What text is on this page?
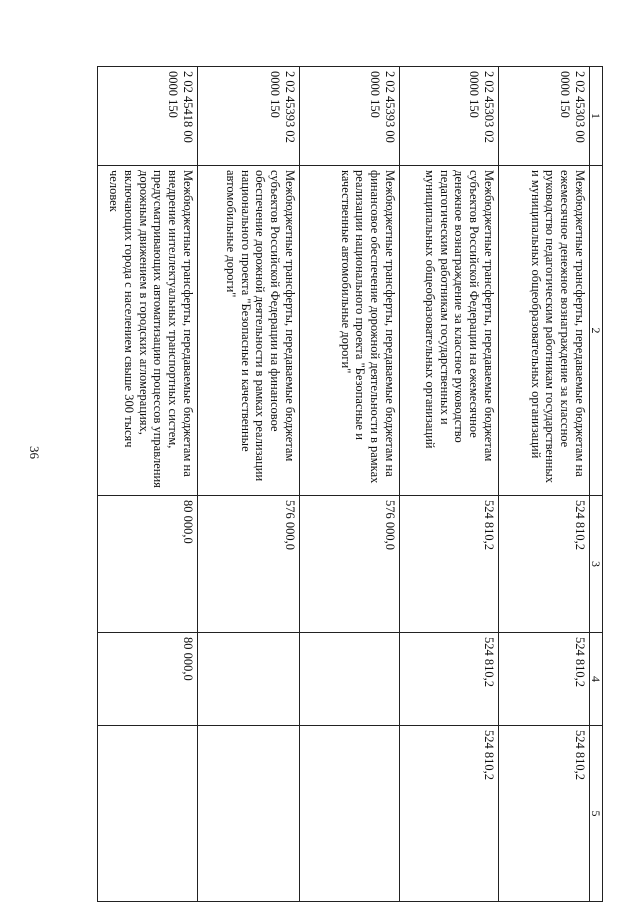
36
1	2	3	4	5
2 02 45303 00 0000 150	Межбюджетные трансферты, передаваемые бюджетам на ежемесячное денежное вознаграждение за классное руководство педагогическим работникам государственных и муниципальных общеобразовательных организаций	524 810,2	524 810,2	524 810,2
2 02 45303 02 0000 150	Межбюджетные трансферты, передаваемые бюджетам субъектов Российской Федерации на ежемесячное денежное вознаграждение за классное руководство педагогическим работникам государственных и муниципальных общеобразовательных организаций	524 810,2	524 810,2	524 810,2
2 02 45393 00 0000 150	Межбюджетные трансферты, передаваемые бюджетам на финансовое обеспечение дорожной деятельности в рамках реализации национального проекта "Безопасные и качественные автомобильные дороги"	576 000,0		
2 02 45393 02 0000 150	Межбюджетные трансферты, передаваемые бюджетам субъектов Российской Федерации на финансовое обеспечение дорожной деятельности в рамках реализации национального проекта "Безопасные и качественные автомобильные дороги"	576 000,0		
2 02 45418 00 0000 150	Межбюджетные трансферты, передаваемые бюджетам на внедрение интеллектуальных транспортных систем, предусматривающих автоматизацию процессов управления дорожным движением в городских агломерациях, включающих города с населением свыше 300 тысяч человек	80 000,0	80 000,0	
